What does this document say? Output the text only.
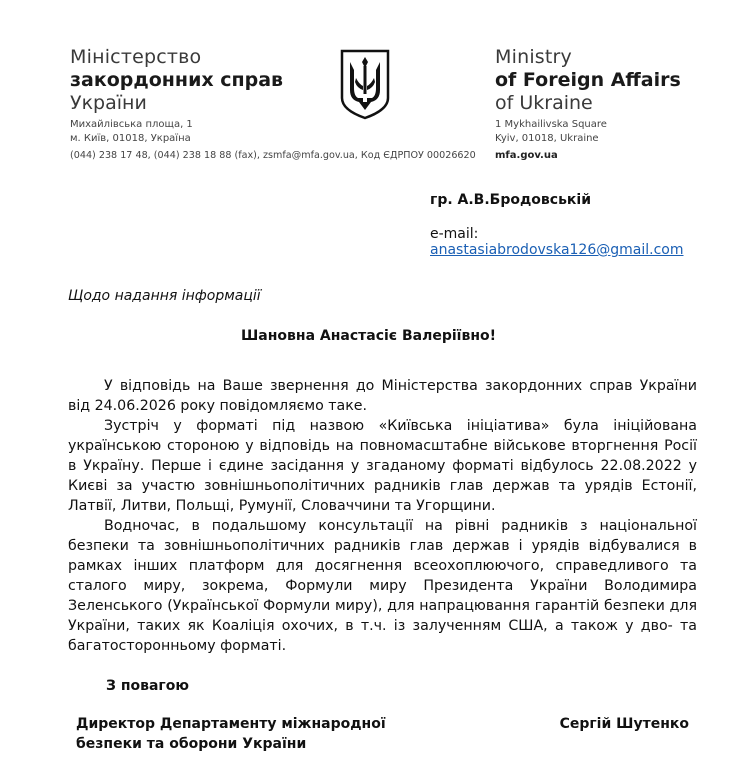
Міністерство
закордонних справ
України
Михайлівська площа, 1
м. Київ, 01018, Україна
(044) 238 17 48, (044) 238 18 88 (fax), zsmfa@mfa.gov.ua, Код ЄДРПОУ 00026620
Ministry
of Foreign Affairs
of Ukraine
1 Mykhailivska Square
Kyiv, 01018, Ukraine
mfa.gov.ua
гр. А.В.Бродовській
e-mail:
anastasiabrodovska126@gmail.com
Щодо надання інформації
Шановна Анастасіє Валеріївно!

У відповідь на Ваше звернення до Міністерства закордонних справ України від 24.06.2026 року повідомляємо таке.

Зустріч у форматі під назвою «Київська ініціатива» була ініційована українською стороною у відповідь на повномасштабне військове вторгнення Росії в Україну. Перше і єдине засідання у згаданому форматі відбулось 22.08.2022 у Києві за участю зовнішньополітичних радників глав держав та урядів Естонії, Латвії, Литви, Польщі, Румунії, Словаччини та Угорщини.

Водночас, в подальшому консультації на рівні радників з національної безпеки та зовнішньополітичних радників глав держав і урядів відбувалися в рамках інших платформ для досягнення всеохоплюючого, справедливого та сталого миру, зокрема, Формули миру Президента України Володимира Зеленського (Української Формули миру), для напрацювання гарантій безпеки для України, таких як Коаліція охочих, в т.ч. із залученням США, а також у дво- та багатосторонньому форматі.

З повагою
Директор Департаменту міжнародної
безпеки та оборони України
Сергій Шутенко
